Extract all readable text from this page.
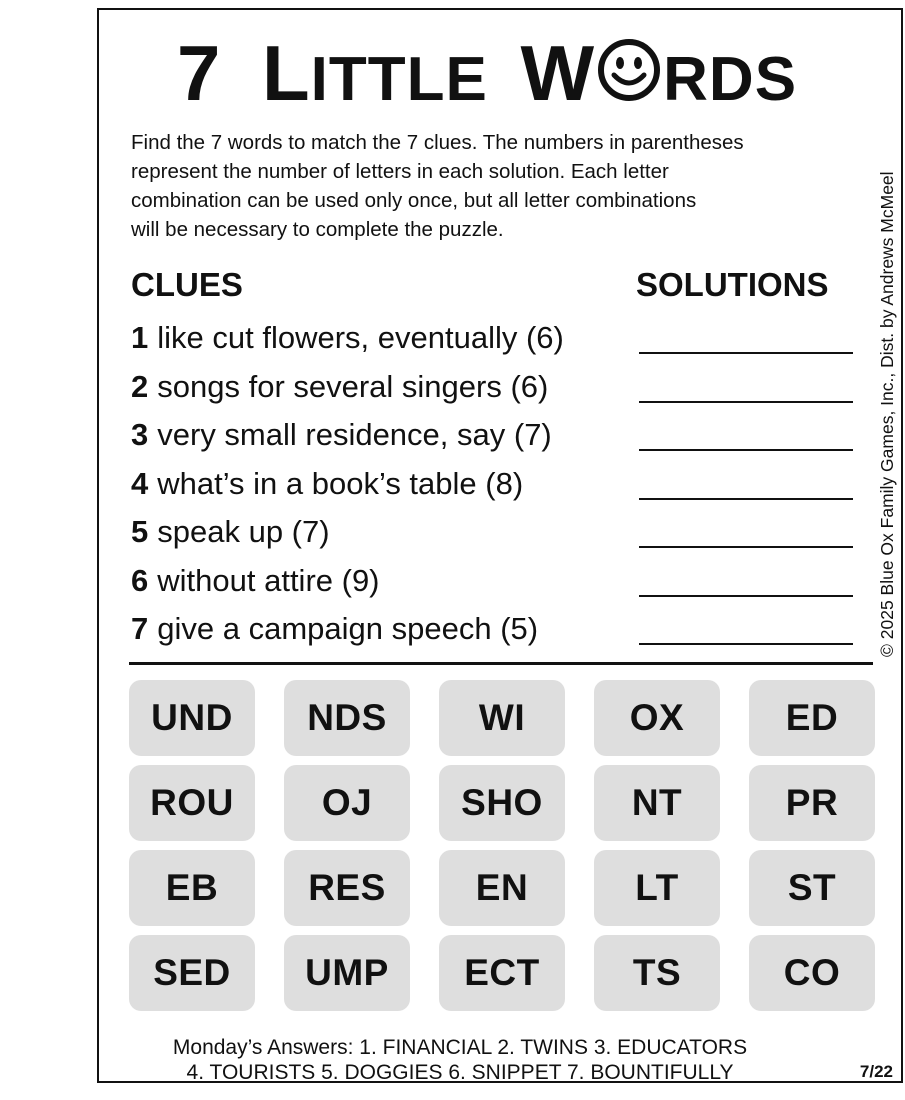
7 LITTLE W RDS
Find the 7 words to match the 7 clues. The numbers in parentheses
represent the number of letters in each solution. Each letter
combination can be used only once, but all letter combinations
will be necessary to complete the puzzle.
CLUES	SOLUTIONS
1 like cut flowers, eventually (6)
2 songs for several singers (6)
3 very small residence, say (7)
4 what’s in a book’s table (8)
5 speak up (7)
6 without attire (9)
7 give a campaign speech (5)
UND	NDS	WI	OX	ED
ROU	OJ	SHO	NT	PR
EB	RES	EN	LT	ST
SED	UMP	ECT	TS	CO
© 2025 Blue Ox Family Games, Inc., Dist. by Andrews McMeel
Monday’s Answers: 1. FINANCIAL 2. TWINS 3. EDUCATORS
4. TOURISTS 5. DOGGIES 6. SNIPPET 7. BOUNTIFULLY	7/22
